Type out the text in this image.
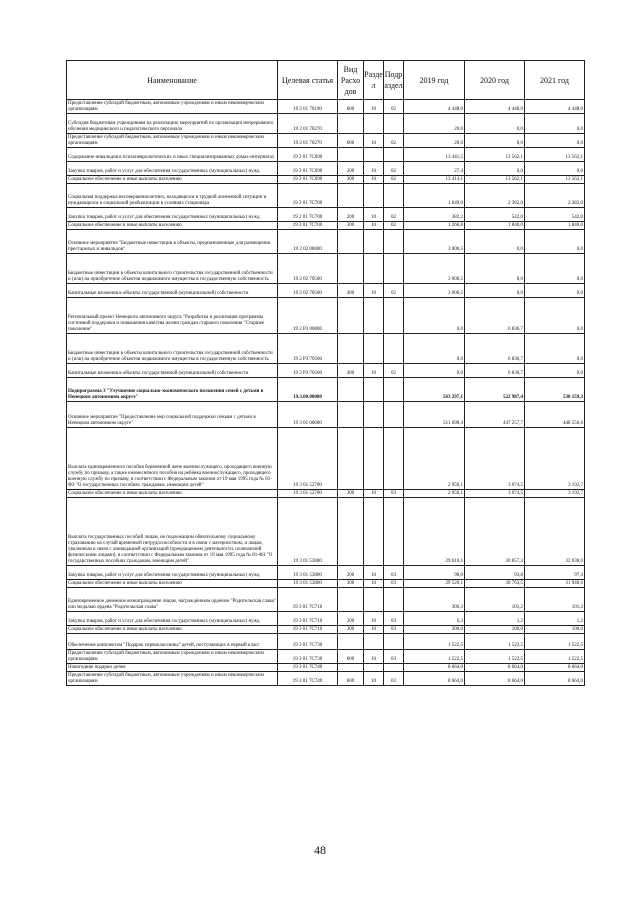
Наименование	Целевая статья	Вид Расхо дов	Разде л	Подр аздел	2019 год	2020 год	2021 год
Предоставление субсидий бюджетным, автономным учреждениям и иным некоммерческим организациям	19 2 01 70190	600	10	02	4 448,0	4 448,0	4 448,0
Субсидия бюджетным учреждениям на реализацию мероприятий по организации непрерывного обучения медицинского и педагогического персонала	19 2 01 70270				20,0	0,0	0,0
Предоставление субсидий бюджетным, автономным учреждениям и иным некоммерческим организациям	19 2 01 70270	600	10	02	20,0	0,0	0,0
Содержание инвалидов в психоневрологических и иных специализированных домах-интернатах	19 2 01 7С690				13 441,5	13 562,1	13 562,1
Закупка товаров, работ и услуг для обеспечения государственных (муниципальных) нужд	19 2 01 7С690	200	10	02	27,4	0,0	0,0
Социальное обеспечение и иные выплаты населению	19 2 01 7С690	300	10	02	13 414,1	13 562,1	13 562,1
Социальная поддержка несовершеннолетних, находящихся в трудной жизненной ситуации и нуждающихся в социальной реабилитации в условиях стационара	19 2 01 7С700				1 649,0	2 382,0	2 382,0
Закупка товаров, работ и услуг для обеспечения государственных (муниципальных) нужд	19 2 01 7С700	200	10	02	382,2	542,0	542,0
Социальное обеспечение и иные выплаты населению	19 2 01 7С700	300	10	02	1 266,8	1 840,0	1 840,0
Основное мероприятие "Бюджетные инвестиции в объекты, предназначенные для размещения престарелых и инвалидов"	19 2 02 00000				3 000,5	0,0	0,0
Бюджетные инвестиции в объекты капитального строительства государственной собственности и (или) на приобретение объектов недвижимого имущества в государственную собственность	19 2 02 70500				3 000,5	0,0	0,0
Капитальные вложения в объекты государственной (муниципальной) собственности	19 2 02 70500	400	10	02	3 000,5	0,0	0,0
Региональный проект Ненецкого автономного округа "Разработка и реализация программы системной поддержки и повышения качества жизни граждан старшего поколения "Старшее поколение"	19 2 P3 00000				0,0	6 836,7	0,0
Бюджетные инвестиции в объекты капитального строительства государственной собственности и (или) на приобретение объектов недвижимого имущества в государственную собственность	19 2 P3 70500				0,0	6 836,7	0,0
Капитальные вложения в объекты государственной (муниципальной) собственности	19 2 P3 70500	400	10	02	0,0	6 836,7	0,0
Подпрограмма 3 "Улучшение социально-экономического положения семей с детьми в Ненецком автономном округе"	19.3.00.00000				563 297,1	522 987,4	530 159,3
Основное мероприятие "Предоставление мер социальной поддержки семьям с детьми в Ненецком автономном округе"	19 3 01 00000				511 698,4	447 257,7	448 556,6
Выплата единовременного пособия беременной жене военнослужащего, проходящего военную службу по призыву, а также ежемесячного пособия на ребёнка военнослужащего, проходящего военную службу по призыву, в соответствии с Федеральным законом от 19 мая 1995 года № 81-ФЗ "О государственных пособиях гражданам, имеющим детей"	19 3 01 52700				2 950,1	3 074,5	3 192,7
Социальное обеспечение и иные выплаты населению	19 3 01 52700	300	10	03	2 950,1	3 074,5	3 192,7
Выплата государственных пособий лицам, не подлежащим обязательному социальному страхованию на случай временной нетрудоспособности и в связи с материнством, и лицам, уволенным в связи с ликвидацией организаций (прекращением деятельности, полномочий физическими лицами), в соответствии с Федеральным законом от 19 мая 1995 года № 81-ФЗ "О государственных пособиях гражданам, имеющим детей"	19 3 01 53800				29 610,1	30 857,3	32 038,0
Закупка товаров, работ и услуг для обеспечения государственных (муниципальных) нужд	19 3 01 53800	200	10	03	90,0	93,8	97,4
Социальное обеспечение и иные выплаты населению	19 3 01 53800	300	10	03	29 520,1	30 763,5	31 940,6
Единовременное денежное вознаграждение лицам, награждённым орденом "Родительская слава" или медалью ордена "Родительская слава"	19 3 01 7С710				306,3	101,2	101,2
Закупка товаров, работ и услуг для обеспечения государственных (муниципальных) нужд	19 3 01 7С710	200	10	03	6,3	1,2	1,2
Социальное обеспечение и иные выплаты населению	19 3 01 7С710	300	10	03	300,0	100,0	100,0
Обеспечение комплектом "Подарок первоклассника" детей, поступающих в первый класс	19 3 01 7С730				1 522,5	1 522,5	1 522,5
Предоставление субсидий бюджетным, автономным учреждениям и иным некоммерческим организациям	19 3 01 7С730	600	10	03	1 522,5	1 522,5	1 522,5
Новогодние подарки детям	19 3 01 7С740				8 664,0	8 664,0	8 664,0
Предоставление субсидий бюджетным, автономным учреждениям и иным некоммерческим организациям	19 3 01 7С740	600	10	03	8 664,0	8 664,0	8 664,0
48
